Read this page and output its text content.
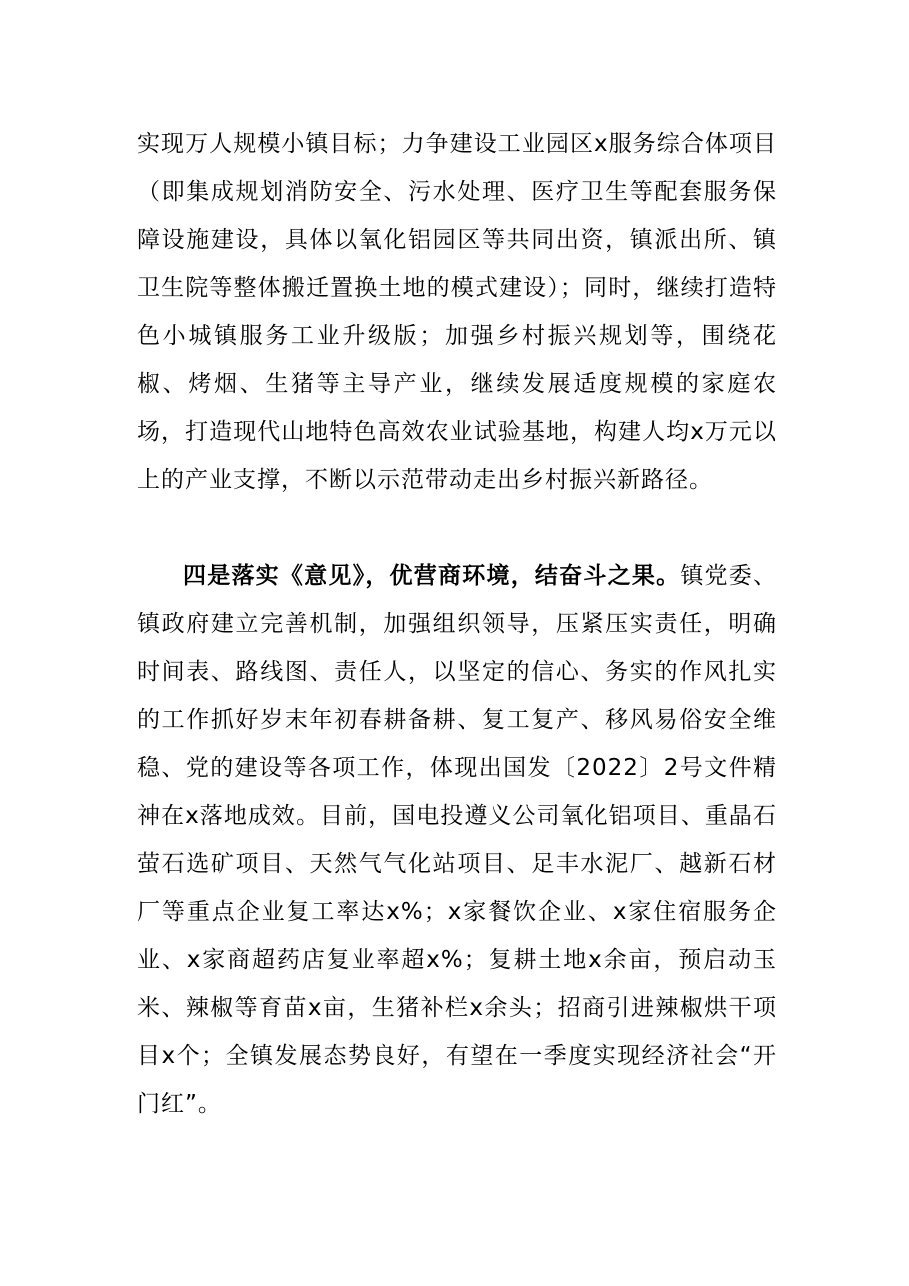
实现万人规模小镇目标；力争建设工业园区x服务综合体项目（即集成规划消防安全、污水处理、医疗卫生等配套服务保障设施建设，具体以氧化铝园区等共同出资，镇派出所、镇卫生院等整体搬迁置换土地的模式建设）；同时，继续打造特色小城镇服务工业升级版；加强乡村振兴规划等，围绕花椒、烤烟、生猪等主导产业，继续发展适度规模的家庭农场，打造现代山地特色高效农业试验基地，构建人均x万元以上的产业支撑，不断以示范带动走出乡村振兴新路径。

四是落实《意见》，优营商环境，结奋斗之果。镇党委、镇政府建立完善机制，加强组织领导，压紧压实责任，明确时间表、路线图、责任人，以坚定的信心、务实的作风扎实的工作抓好岁末年初春耕备耕、复工复产、移风易俗安全维稳、党的建设等各项工作，体现出国发〔2022〕2号文件精神在x落地成效。目前，国电投遵义公司氧化铝项目、重晶石萤石选矿项目、天然气气化站项目、足丰水泥厂、越新石材厂等重点企业复工率达x%；x家餐饮企业、x家住宿服务企业、x家商超药店复业率超x%；复耕土地x余亩，预启动玉米、辣椒等育苗x亩，生猪补栏x余头；招商引进辣椒烘干项目x个；全镇发展态势良好，有望在一季度实现经济社会“开门红”。
